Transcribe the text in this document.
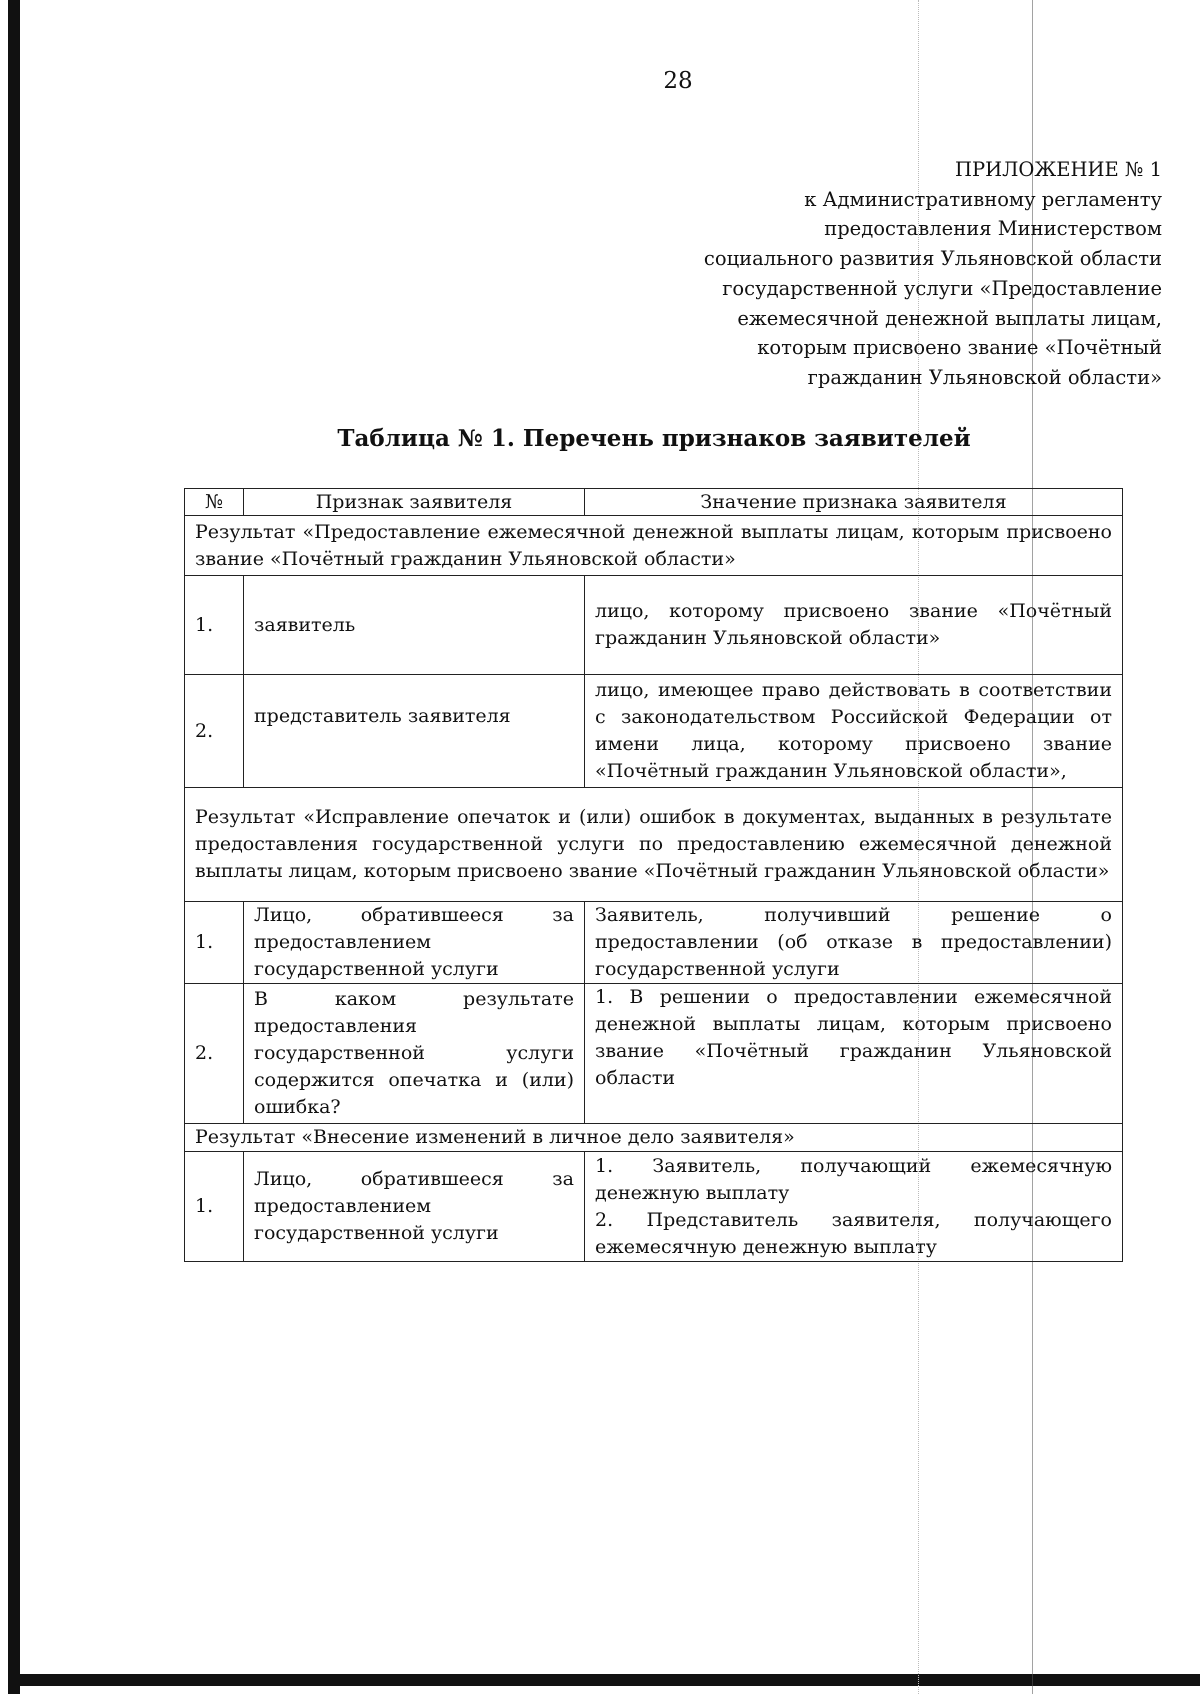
28
ПРИЛОЖЕНИЕ № 1
к Административному регламенту
предоставления Министерством
социального развития Ульяновской области
государственной услуги «Предоставление
ежемесячной денежной выплаты лицам,
которым присвоено звание «Почётный
гражданин Ульяновской области»
Таблица № 1. Перечень признаков заявителей
№	Признак заявителя	Значение признака заявителя
Результат «Предоставление ежемесячной денежной выплаты лицам, которым присвоено звание «Почётный гражданин Ульяновской области»		
1.	заявитель	лицо, которому присвоено звание «Почётный гражданин Ульяновской области»
2.	представитель заявителя	лицо, имеющее право действовать в соответствии с законодательством Российской Федерации от имени лица, которому присвоено звание «Почётный гражданин Ульяновской области»,
Результат «Исправление опечаток и (или) ошибок в документах, выданных в результате предоставления государственной услуги по предоставлению ежемесячной денежной выплаты лицам, которым присвоено звание «Почётный гражданин Ульяновской области»		
1.	Лицо, обратившееся за предоставлением государственной услуги	Заявитель, получивший решение о предоставлении (об отказе в предоставлении) государственной услуги
2.	В каком результате предоставления государственной услуги содержится опечатка и (или) ошибка?	1. В решении о предоставлении ежемесячной денежной выплаты лицам, которым присвоено звание «Почётный гражданин Ульяновской области
Результат «Внесение изменений в личное дело заявителя»		
1.	Лицо, обратившееся за предоставлением государственной услуги	1. Заявитель, получающий ежемесячную денежную выплату
2. Представитель заявителя, получающего ежемесячную денежную выплату
